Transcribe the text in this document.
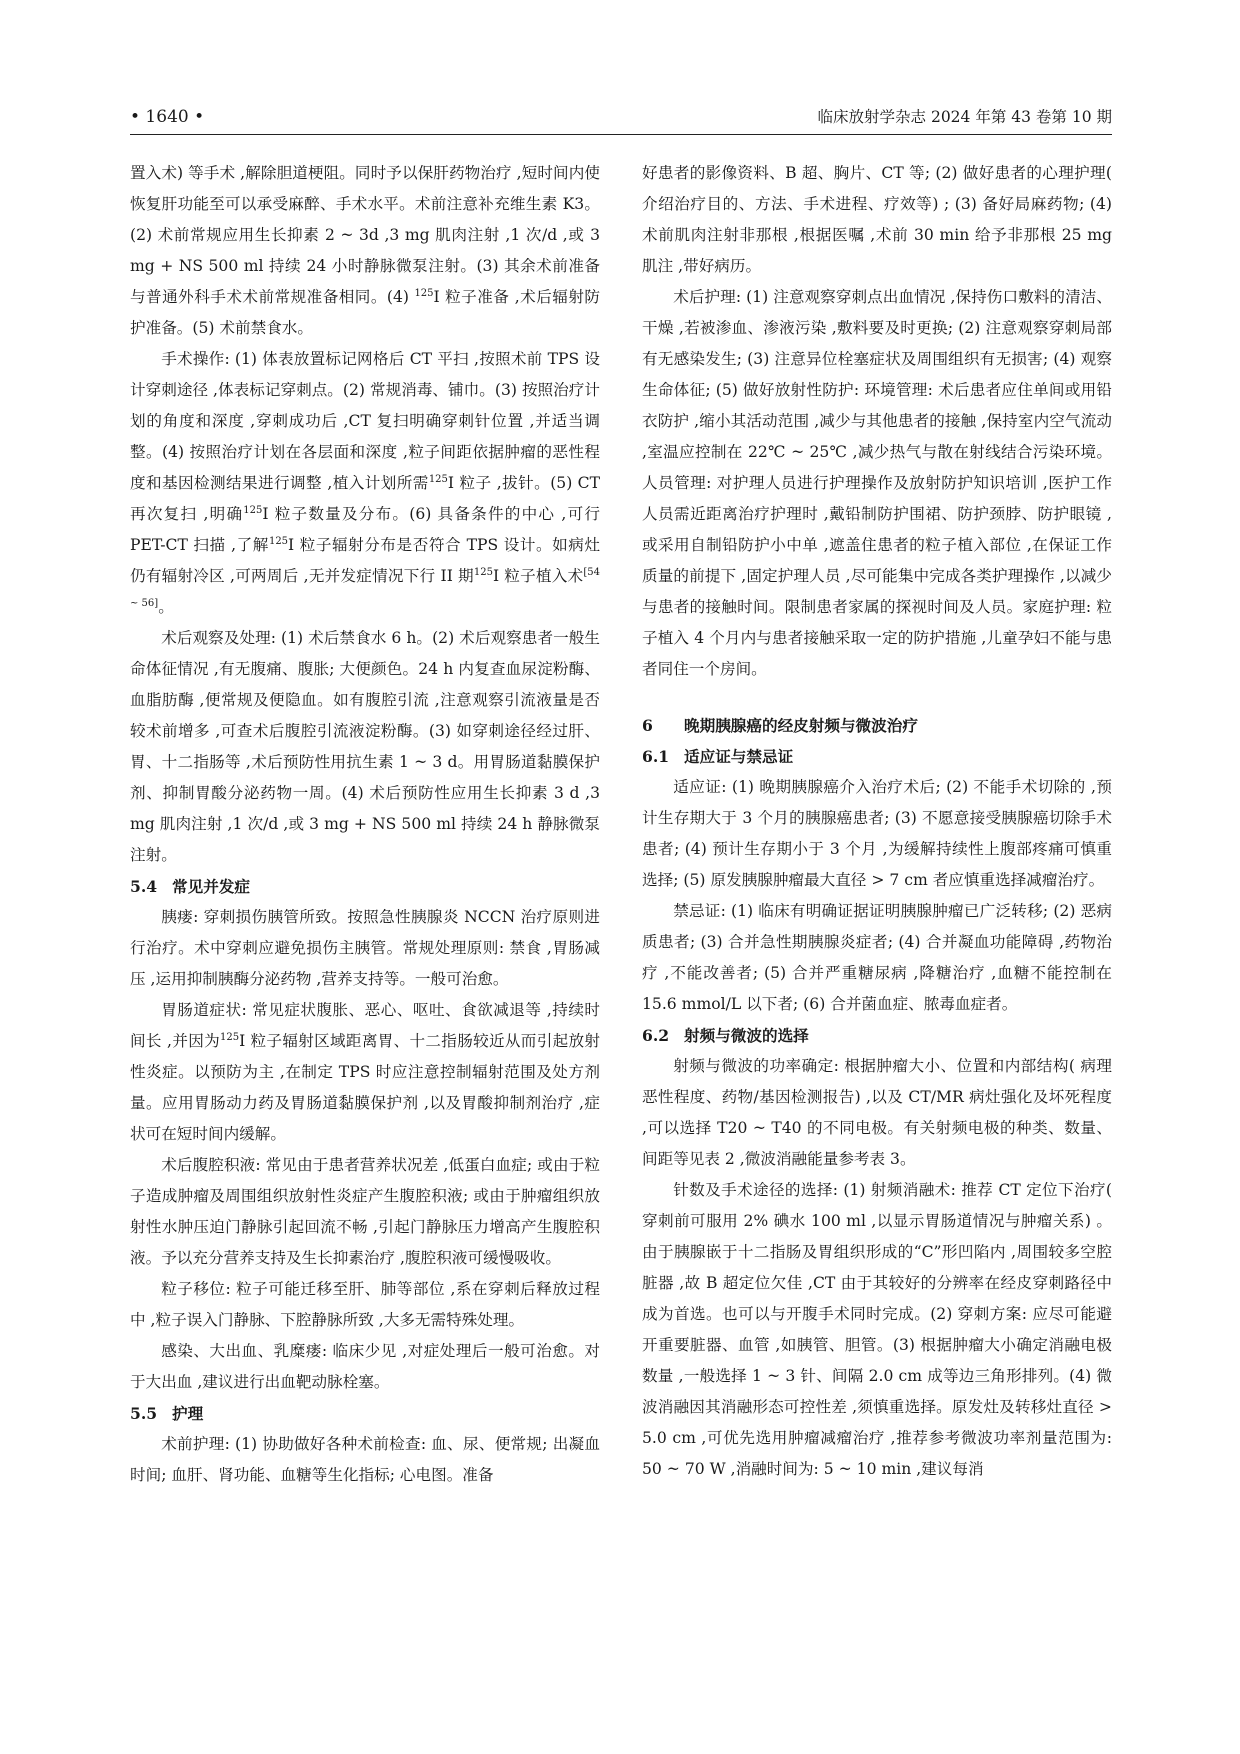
• 1640 •	临床放射学杂志 2024 年第 43 卷第 10 期

置入术) 等手术 ,解除胆道梗阻。同时予以保肝药物治疗 ,短时间内使恢复肝功能至可以承受麻醉、手术水平。术前注意补充维生素 K3。(2) 术前常规应用生长抑素 2 ~ 3d ,3 mg 肌肉注射 ,1 次/d ,或 3 mg + NS 500 ml 持续 24 小时静脉微泵注射。(3) 其余术前准备与普通外科手术术前常规准备相同。(4) $^{125}$I 粒子准备 ,术后辐射防护准备。(5) 术前禁食水。

手术操作: (1) 体表放置标记网格后 CT 平扫 ,按照术前 TPS 设计穿刺途径 ,体表标记穿刺点。(2) 常规消毒、铺巾。(3) 按照治疗计划的角度和深度 ,穿刺成功后 ,CT 复扫明确穿刺针位置 ,并适当调整。(4) 按照治疗计划在各层面和深度 ,粒子间距依据肿瘤的恶性程度和基因检测结果进行调整 ,植入计划所需$^{125}$I 粒子 ,拔针。(5) CT 再次复扫 ,明确$^{125}$I 粒子数量及分布。(6) 具备条件的中心 ,可行 PET-CT 扫描 ,了解$^{125}$I 粒子辐射分布是否符合 TPS 设计。如病灶仍有辐射冷区 ,可两周后 ,无并发症情况下行 II 期$^{125}$I 粒子植入术[54 ~ 56]。

术后观察及处理: (1) 术后禁食水 6 h。(2) 术后观察患者一般生命体征情况 ,有无腹痛、腹胀; 大便颜色。24 h 内复查血尿淀粉酶、血脂肪酶 ,便常规及便隐血。如有腹腔引流 ,注意观察引流液量是否较术前增多 ,可查术后腹腔引流液淀粉酶。(3) 如穿刺途径经过肝、胃、十二指肠等 ,术后预防性用抗生素 1 ~ 3 d。用胃肠道黏膜保护剂、抑制胃酸分泌药物一周。(4) 术后预防性应用生长抑素 3 d ,3 mg 肌肉注射 ,1 次/d ,或 3 mg + NS 500 ml 持续 24 h 静脉微泵注射。

5.4 常见并发症

胰瘘: 穿刺损伤胰管所致。按照急性胰腺炎 NCCN 治疗原则进行治疗。术中穿刺应避免损伤主胰管。常规处理原则: 禁食 ,胃肠减压 ,运用抑制胰酶分泌药物 ,营养支持等。一般可治愈。

胃肠道症状: 常见症状腹胀、恶心、呕吐、食欲减退等 ,持续时间长 ,并因为$^{125}$I 粒子辐射区域距离胃、十二指肠较近从而引起放射性炎症。以预防为主 ,在制定 TPS 时应注意控制辐射范围及处方剂量。应用胃肠动力药及胃肠道黏膜保护剂 ,以及胃酸抑制剂治疗 ,症状可在短时间内缓解。

术后腹腔积液: 常见由于患者营养状况差 ,低蛋白血症; 或由于粒子造成肿瘤及周围组织放射性炎症产生腹腔积液; 或由于肿瘤组织放射性水肿压迫门静脉引起回流不畅 ,引起门静脉压力增高产生腹腔积液。予以充分营养支持及生长抑素治疗 ,腹腔积液可缓慢吸收。

粒子移位: 粒子可能迁移至肝、肺等部位 ,系在穿刺后释放过程中 ,粒子误入门静脉、下腔静脉所致 ,大多无需特殊处理。

感染、大出血、乳糜瘘: 临床少见 ,对症处理后一般可治愈。对于大出血 ,建议进行出血靶动脉栓塞。

5.5 护理

术前护理: (1) 协助做好各种术前检查: 血、尿、便常规; 出凝血时间; 血肝、肾功能、血糖等生化指标; 心电图。准备

好患者的影像资料、B 超、胸片、CT 等; (2) 做好患者的心理护理( 介绍治疗目的、方法、手术进程、疗效等) ; (3) 备好局麻药物; (4) 术前肌肉注射非那根 ,根据医嘱 ,术前 30 min 给予非那根 25 mg 肌注 ,带好病历。

术后护理: (1) 注意观察穿刺点出血情况 ,保持伤口敷料的清洁、干燥 ,若被渗血、渗液污染 ,敷料要及时更换; (2) 注意观察穿刺局部有无感染发生; (3) 注意异位栓塞症状及周围组织有无损害; (4) 观察生命体征; (5) 做好放射性防护: 环境管理: 术后患者应住单间或用铅衣防护 ,缩小其活动范围 ,减少与其他患者的接触 ,保持室内空气流动 ,室温应控制在 22℃ ~ 25℃ ,减少热气与散在射线结合污染环境。人员管理: 对护理人员进行护理操作及放射防护知识培训 ,医护工作人员需近距离治疗护理时 ,戴铅制防护围裙、防护颈脖、防护眼镜 ,或采用自制铅防护小中单 ,遮盖住患者的粒子植入部位 ,在保证工作质量的前提下 ,固定护理人员 ,尽可能集中完成各类护理操作 ,以减少与患者的接触时间。限制患者家属的探视时间及人员。家庭护理: 粒子植入 4 个月内与患者接触采取一定的防护措施 ,儿童孕妇不能与患者同住一个房间。

6 晚期胰腺癌的经皮射频与微波治疗
6.1 适应证与禁忌证

适应证: (1) 晚期胰腺癌介入治疗术后; (2) 不能手术切除的 ,预计生存期大于 3 个月的胰腺癌患者; (3) 不愿意接受胰腺癌切除手术患者; (4) 预计生存期小于 3 个月 ,为缓解持续性上腹部疼痛可慎重选择; (5) 原发胰腺肿瘤最大直径 > 7 cm 者应慎重选择减瘤治疗。

禁忌证: (1) 临床有明确证据证明胰腺肿瘤已广泛转移; (2) 恶病质患者; (3) 合并急性期胰腺炎症者; (4) 合并凝血功能障碍 ,药物治疗 ,不能改善者; (5) 合并严重糖尿病 ,降糖治疗 ,血糖不能控制在 15.6 mmol/L 以下者; (6) 合并菌血症、脓毒血症者。

6.2 射频与微波的选择

射频与微波的功率确定: 根据肿瘤大小、位置和内部结构( 病理恶性程度、药物/基因检测报告) ,以及 CT/MR 病灶强化及坏死程度 ,可以选择 T20 ~ T40 的不同电极。有关射频电极的种类、数量、间距等见表 2 ,微波消融能量参考表 3。

针数及手术途径的选择: (1) 射频消融术: 推荐 CT 定位下治疗( 穿刺前可服用 2% 碘水 100 ml ,以显示胃肠道情况与肿瘤关系) 。由于胰腺嵌于十二指肠及胃组织形成的“C”形凹陷内 ,周围较多空腔脏器 ,故 B 超定位欠佳 ,CT 由于其较好的分辨率在经皮穿刺路径中成为首选。也可以与开腹手术同时完成。(2) 穿刺方案: 应尽可能避开重要脏器、血管 ,如胰管、胆管。(3) 根据肿瘤大小确定消融电极数量 ,一般选择 1 ~ 3 针、间隔 2.0 cm 成等边三角形排列。(4) 微波消融因其消融形态可控性差 ,须慎重选择。原发灶及转移灶直径 > 5.0 cm ,可优先选用肿瘤减瘤治疗 ,推荐参考微波功率剂量范围为: 50 ~ 70 W ,消融时间为: 5 ~ 10 min ,建议每消
